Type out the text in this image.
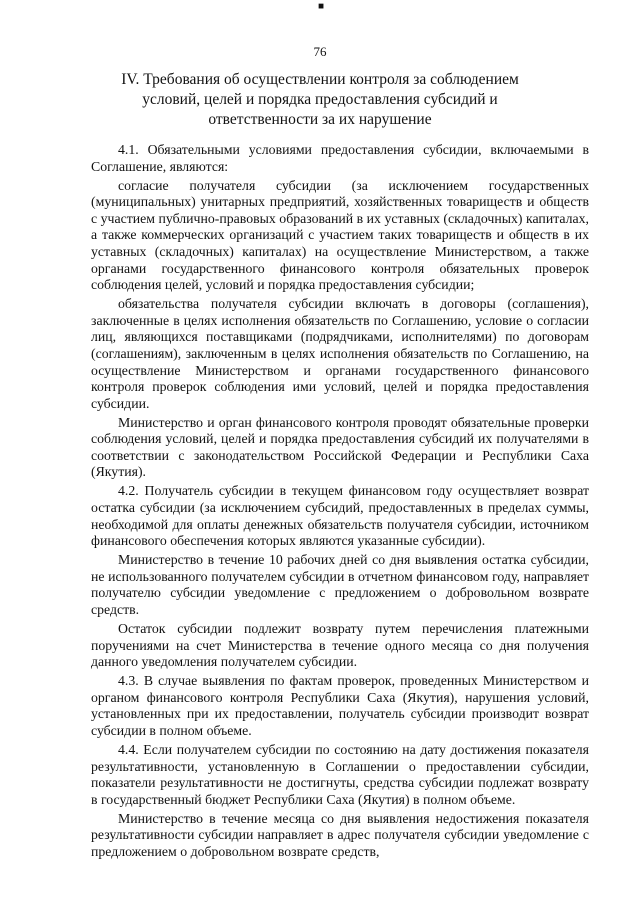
■
76
IV. Требования об осуществлении контроля за соблюдением условий, целей и порядка предоставления субсидий и ответственности за их нарушение

4.1. Обязательными условиями предоставления субсидии, включаемыми в Соглашение, являются:

согласие получателя субсидии (за исключением государственных (муниципальных) унитарных предприятий, хозяйственных товариществ и обществ с участием публично-правовых образований в их уставных (складочных) капиталах, а также коммерческих организаций с участием таких товариществ и обществ в их уставных (складочных) капиталах) на осуществление Министерством, а также органами государственного финансового контроля обязательных проверок соблюдения целей, условий и порядка предоставления субсидии;

обязательства получателя субсидии включать в договоры (соглашения), заключенные в целях исполнения обязательств по Соглашению, условие о согласии лиц, являющихся поставщиками (подрядчиками, исполнителями) по договорам (соглашениям), заключенным в целях исполнения обязательств по Соглашению, на осуществление Министерством и органами государственного финансового контроля проверок соблюдения ими условий, целей и порядка предоставления субсидии.

Министерство и орган финансового контроля проводят обязательные проверки соблюдения условий, целей и порядка предоставления субсидий их получателями в соответствии с законодательством Российской Федерации и Республики Саха (Якутия).

4.2. Получатель субсидии в текущем финансовом году осуществляет возврат остатка субсидии (за исключением субсидий, предоставленных в пределах суммы, необходимой для оплаты денежных обязательств получателя субсидии, источником финансового обеспечения которых являются указанные субсидии).

Министерство в течение 10 рабочих дней со дня выявления остатка субсидии, не использованного получателем субсидии в отчетном финансовом году, направляет получателю субсидии уведомление с предложением о добровольном возврате средств.

Остаток субсидии подлежит возврату путем перечисления платежными поручениями на счет Министерства в течение одного месяца со дня получения данного уведомления получателем субсидии.

4.3. В случае выявления по фактам проверок, проведенных Министерством и органом финансового контроля Республики Саха (Якутия), нарушения условий, установленных при их предоставлении, получатель субсидии производит возврат субсидии в полном объеме.

4.4. Если получателем субсидии по состоянию на дату достижения показателя результативности, установленную в Соглашении о предоставлении субсидии, показатели результативности не достигнуты, средства субсидии подлежат возврату в государственный бюджет Республики Саха (Якутия) в полном объеме.

Министерство в течение месяца со дня выявления недостижения показателя результативности субсидии направляет в адрес получателя субсидии уведомление с предложением о добровольном возврате средств,
